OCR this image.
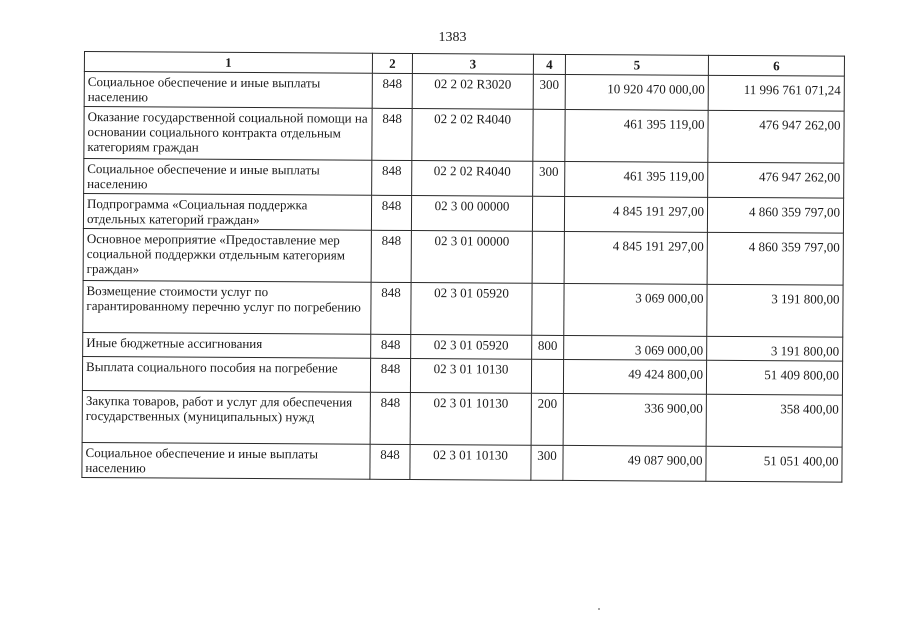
1383
1	2	3	4	5	6
Социальное обеспечение и иные выплаты населению	848	02 2 02 R3020	300	10 920 470 000,00	11 996 761 071,24
Оказание государственной социальной помощи на основании социального контракта отдельным категориям граждан	848	02 2 02 R4040		461 395 119,00	476 947 262,00
Социальное обеспечение и иные выплаты населению	848	02 2 02 R4040	300	461 395 119,00	476 947 262,00
Подпрограмма «Социальная поддержка отдельных категорий граждан»	848	02 3 00 00000		4 845 191 297,00	4 860 359 797,00
Основное мероприятие «Предоставление мер социальной поддержки отдельным категориям граждан»	848	02 3 01 00000		4 845 191 297,00	4 860 359 797,00
Возмещение стоимости услуг по гарантированному перечню услуг по погребению	848	02 3 01 05920		3 069 000,00	3 191 800,00
Иные бюджетные ассигнования	848	02 3 01 05920	800	3 069 000,00	3 191 800,00
Выплата социального пособия на погребение	848	02 3 01 10130		49 424 800,00	51 409 800,00
Закупка товаров, работ и услуг для обеспечения государственных (муниципальных) нужд	848	02 3 01 10130	200	336 900,00	358 400,00
Социальное обеспечение и иные выплаты населению	848	02 3 01 10130	300	49 087 900,00	51 051 400,00
